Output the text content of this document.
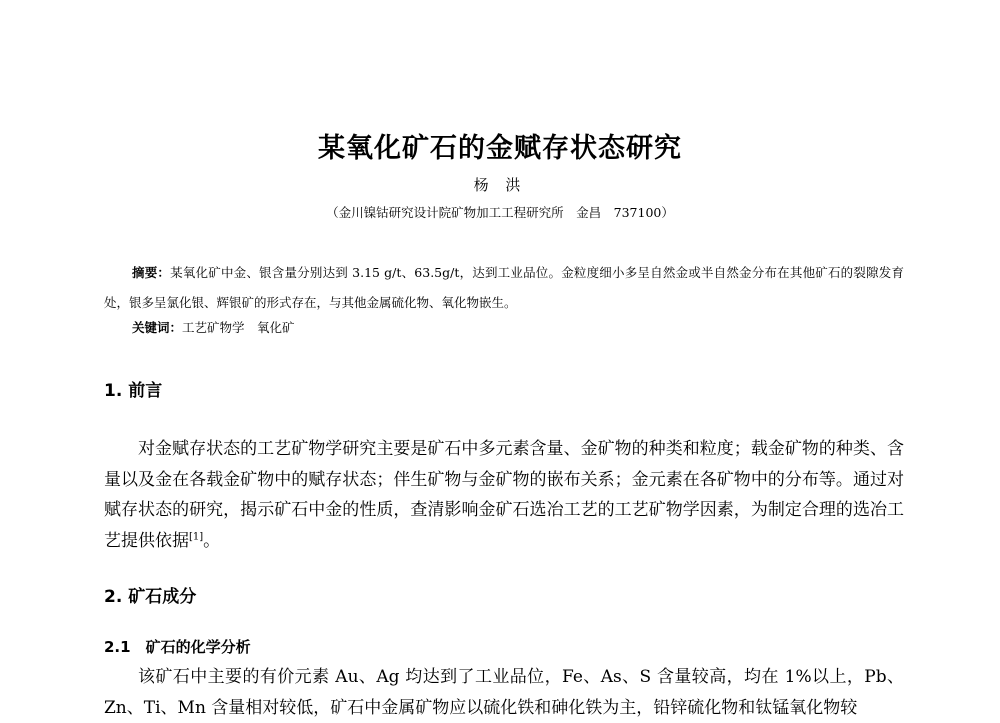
某氧化矿石的金赋存状态研究
杨 洪
（金川镍钴研究设计院矿物加工工程研究所　金昌　737100）
摘要：某氧化矿中金、银含量分别达到 3.15 g/t、63.5g/t，达到工业品位。金粒度细小多呈自然金或半自然金分布在其他矿石的裂隙发育处，银多呈氯化银、辉银矿的形式存在，与其他金属硫化物、氧化物嵌生。
关键词：工艺矿物学　氧化矿
1. 前言
对金赋存状态的工艺矿物学研究主要是矿石中多元素含量、金矿物的种类和粒度；载金矿物的种类、含量以及金在各载金矿物中的赋存状态；伴生矿物与金矿物的嵌布关系；金元素在各矿物中的分布等。通过对赋存状态的研究，揭示矿石中金的性质，查清影响金矿石选冶工艺的工艺矿物学因素，为制定合理的选冶工艺提供依据[1]。
2. 矿石成分
2.1　矿石的化学分析
该矿石中主要的有价元素 Au、Ag 均达到了工业品位，Fe、As、S 含量较高，均在 1%以上，Pb、Zn、Ti、Mn 含量相对较低，矿石中金属矿物应以硫化铁和砷化铁为主，铅锌硫化物和钛锰氧化物较
